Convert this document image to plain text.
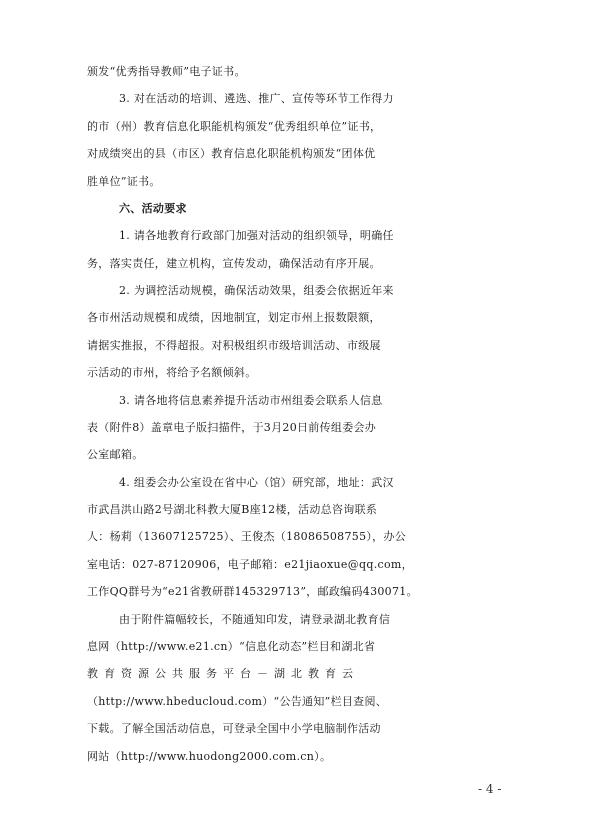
颁发“优秀指导教师”电子证书。
3. 对在活动的培训、遴选、推广、宣传等环节工作得力
的市（州）教育信息化职能机构颁发“优秀组织单位”证书，
对成绩突出的县（市区）教育信息化职能机构颁发“团体优
胜单位”证书。
六、活动要求
1. 请各地教育行政部门加强对活动的组织领导，明确任
务，落实责任，建立机构，宣传发动，确保活动有序开展。
2. 为调控活动规模，确保活动效果，组委会依据近年来
各市州活动规模和成绩，因地制宜，划定市州上报数限额，
请据实推报，不得超报。对积极组织市级培训活动、市级展
示活动的市州，将给予名额倾斜。
3. 请各地将信息素养提升活动市州组委会联系人信息
表（附件8）盖章电子版扫描件，于3月20日前传组委会办
公室邮箱。
4. 组委会办公室设在省中心（馆）研究部，地址：武汉
市武昌洪山路2号湖北科教大厦B座12楼，活动总咨询联系
人：杨莉（13607125725）、王俊杰（18086508755），办公
室电话：027-87120906，电子邮箱：e21jiaoxue@qq.com，
工作QQ群号为“e21省教研群145329713”，邮政编码430071。
由于附件篇幅较长，不随通知印发，请登录湖北教育信
息网（http://www.e21.cn）“信息化动态”栏目和湖北省
教育资源公共服务平台－湖北教育云
（http://www.hbeducloud.com）“公告通知”栏目查阅、
- 4 -
下载。了解全国活动信息，可登录全国中小学电脑制作活动
网站（http://www.huodong2000.com.cn）。
